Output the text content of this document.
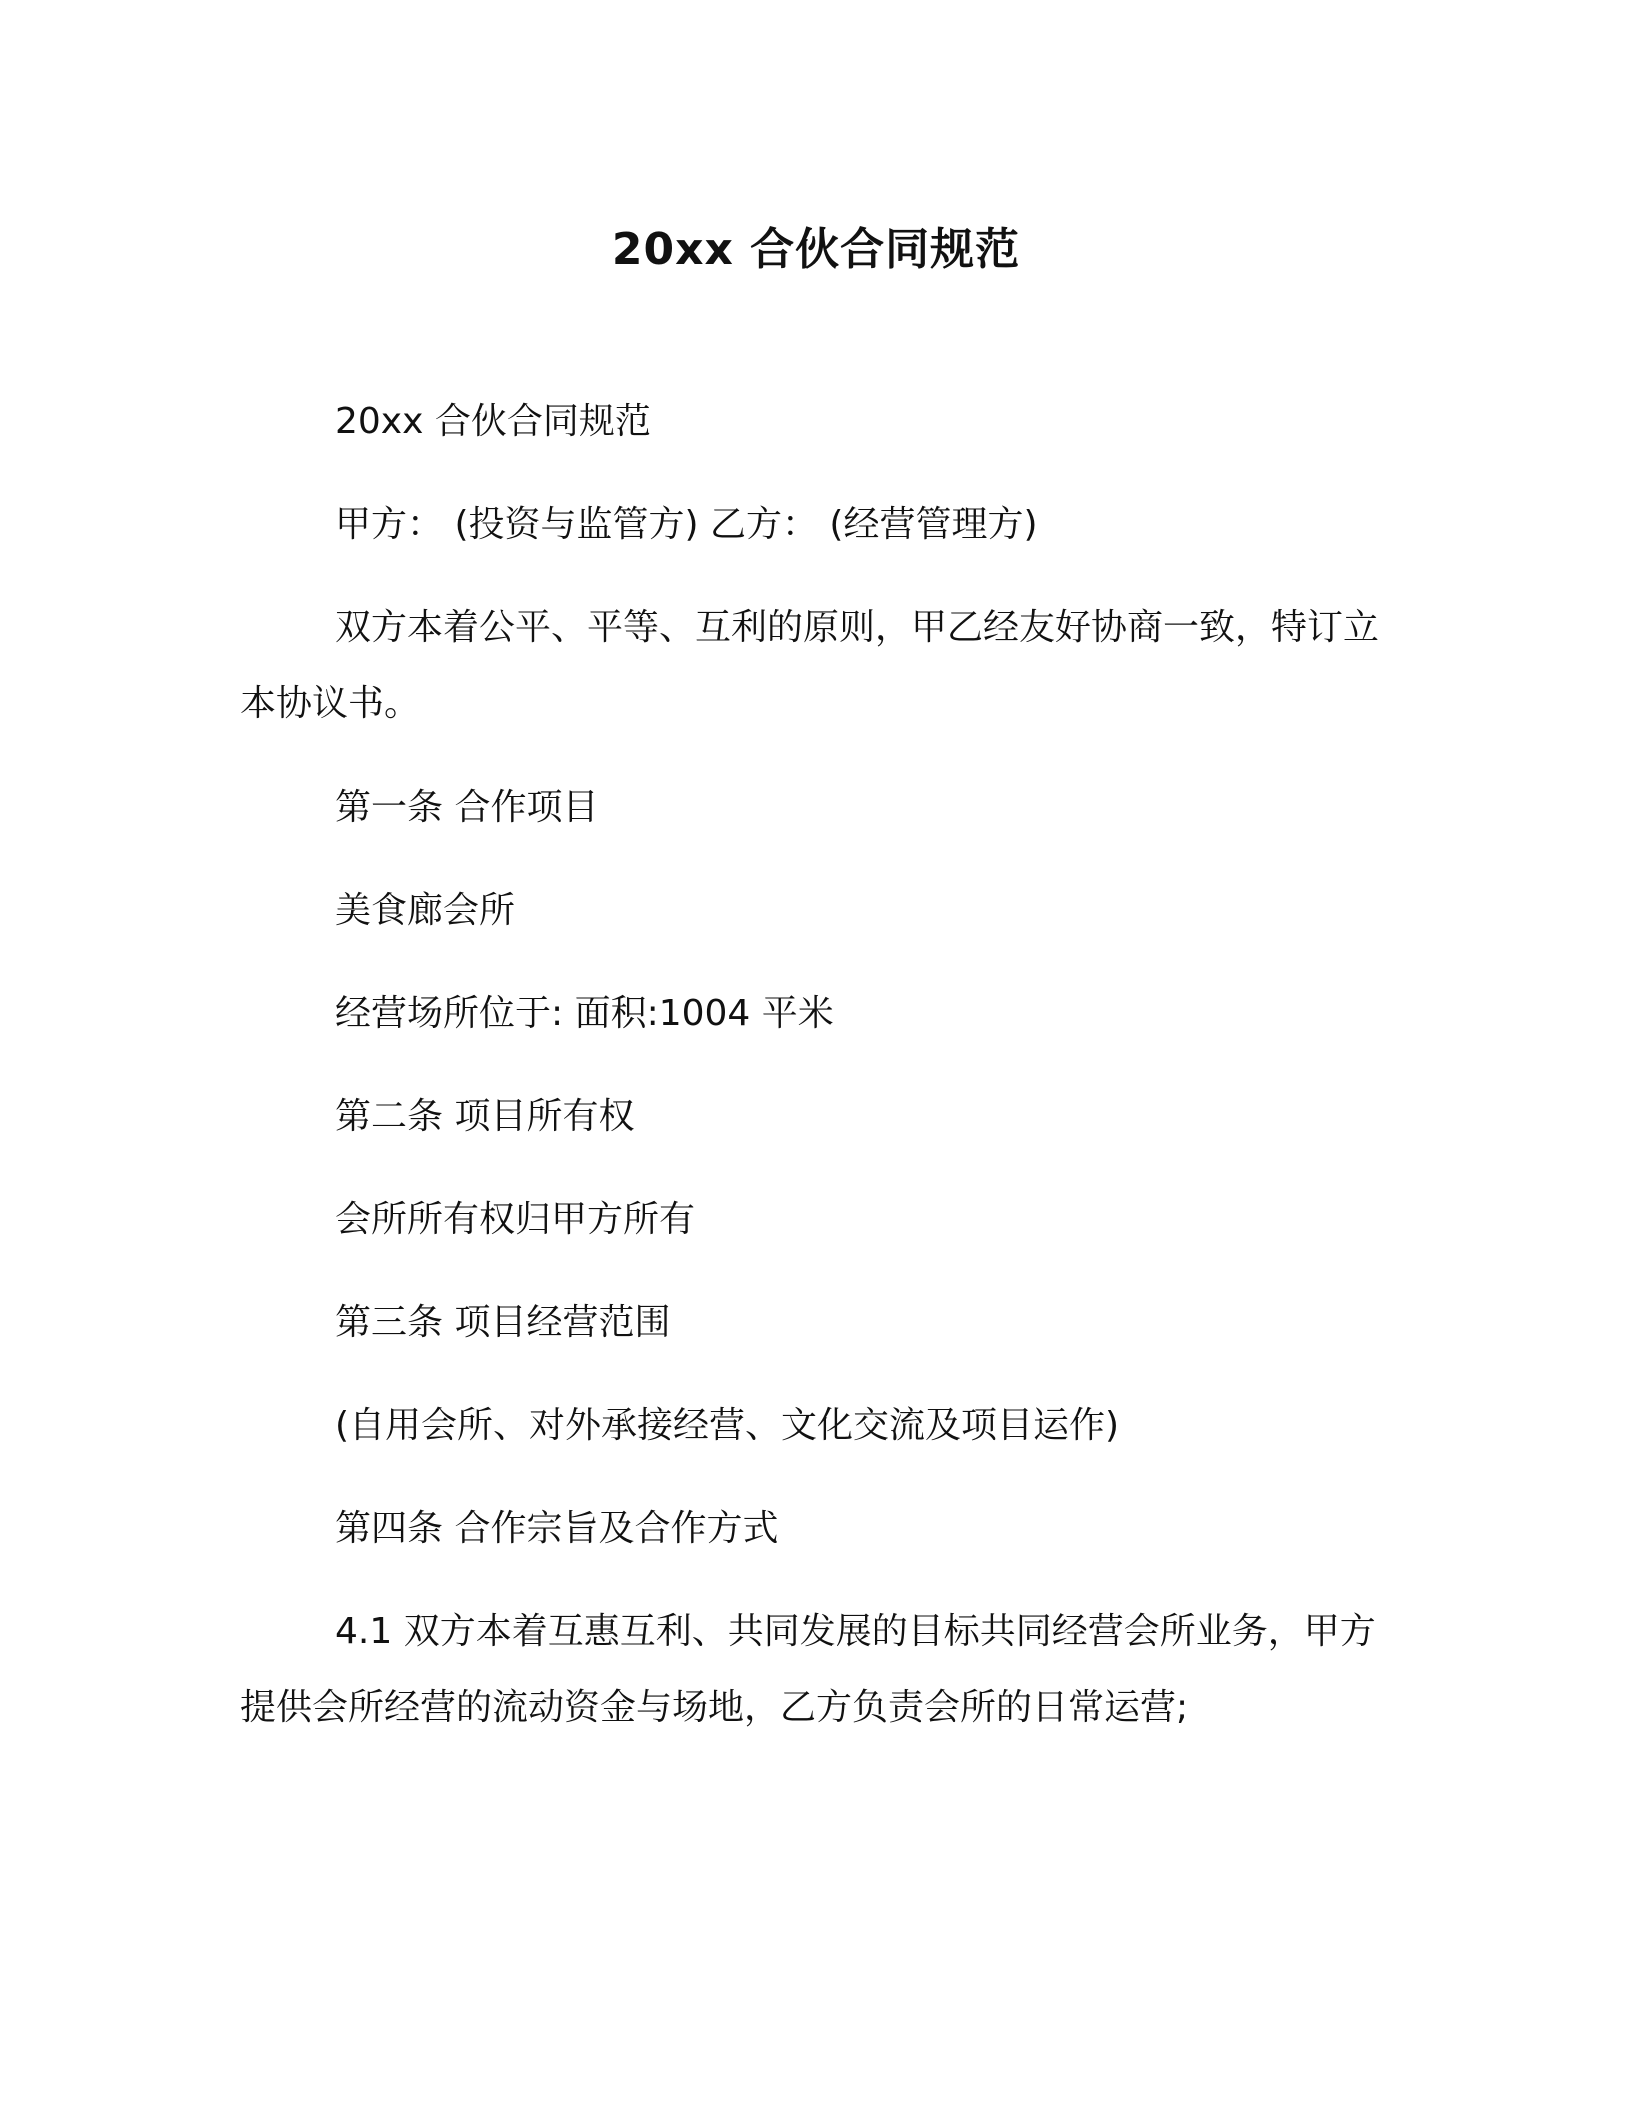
20xx 合伙合同规范
20xx 合伙合同规范
甲方： (投资与监管方) 乙方： (经营管理方)
双方本着公平、平等、互利的原则，甲乙经友好协商一致，特订立本协议书。
第一条 合作项目
美食廊会所
经营场所位于: 面积:1004 平米
第二条 项目所有权
会所所有权归甲方所有
第三条 项目经营范围
(自用会所、对外承接经营、文化交流及项目运作)
第四条 合作宗旨及合作方式
4.1 双方本着互惠互利、共同发展的目标共同经营会所业务，甲方提供会所经营的流动资金与场地，乙方负责会所的日常运营;
